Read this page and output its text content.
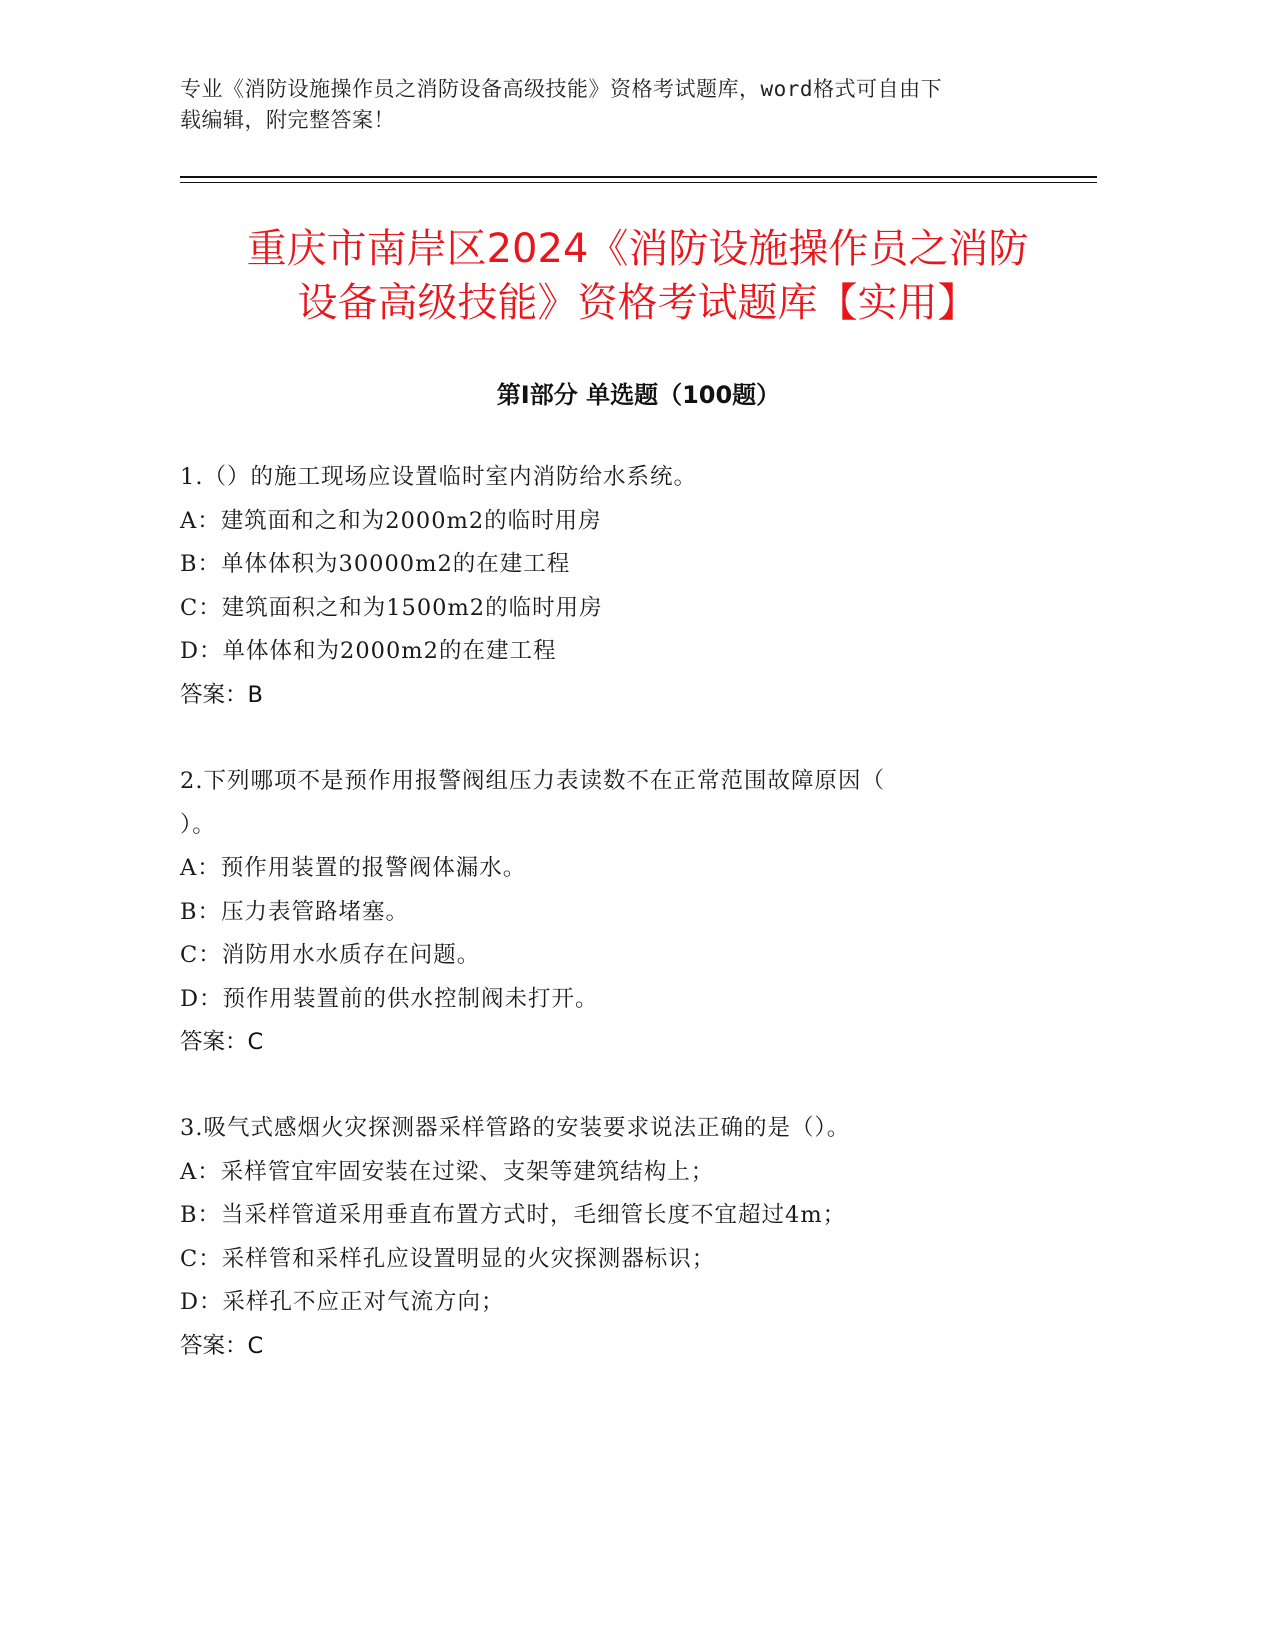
专业《消防设施操作员之消防设备高级技能》资格考试题库，word格式可自由下
载编辑，附完整答案！
重庆市南岸区2024《消防设施操作员之消防
设备高级技能》资格考试题库【实用】
第Ⅰ部分 单选题（100题）

1.（）的施工现场应设置临时室内消防给水系统。

A：建筑面和之和为2000m2的临时用房

B：单体体积为30000m2的在建工程

C：建筑面积之和为1500m2的临时用房

D：单体体和为2000m2的在建工程

答案：B

2.下列哪项不是预作用报警阀组压力表读数不在正常范围故障原因（

）。

A：预作用装置的报警阀体漏水。

B：压力表管路堵塞。

C：消防用水水质存在问题。

D：预作用装置前的供水控制阀未打开。

答案：C

3.吸气式感烟火灾探测器采样管路的安装要求说法正确的是（）。

A：采样管宜牢固安装在过梁、支架等建筑结构上；

B：当采样管道采用垂直布置方式时，毛细管长度不宜超过4m；

C：采样管和采样孔应设置明显的火灾探测器标识；

D：采样孔不应正对气流方向；

答案：C
